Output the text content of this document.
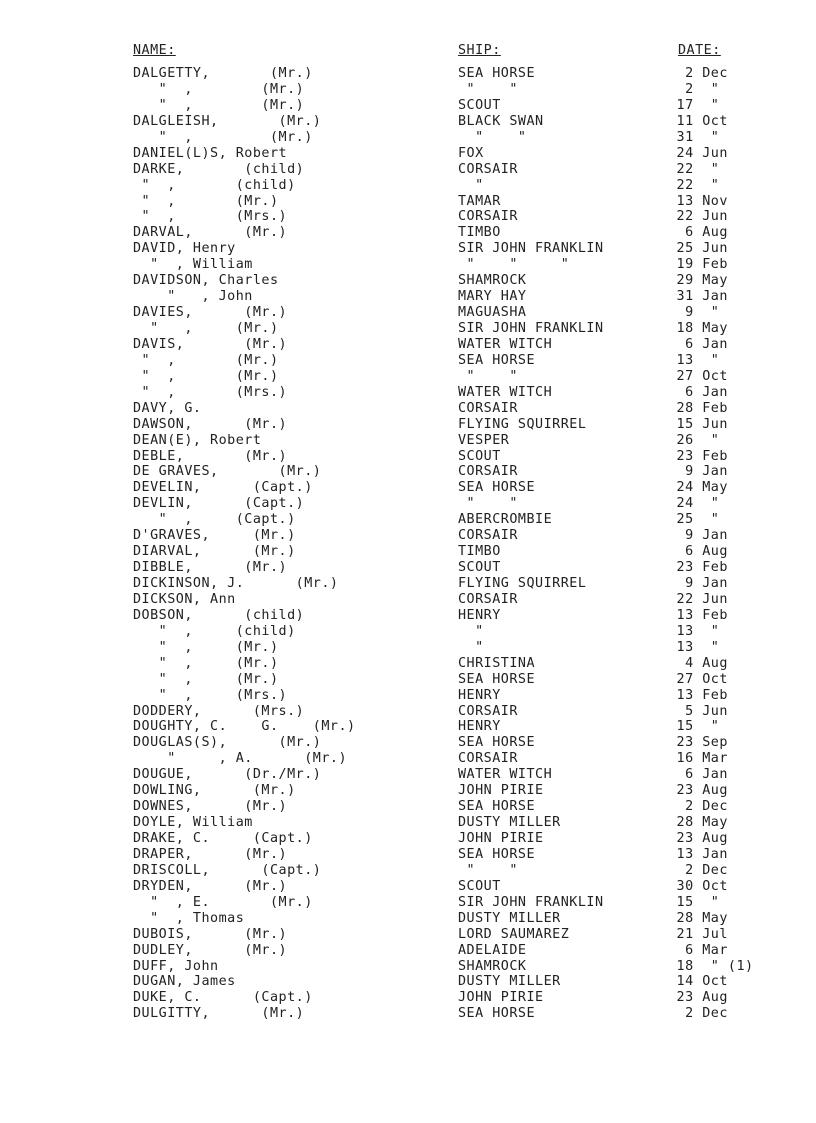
NAME:	SHIP:	DATE:
DALGETTY,       (Mr.)	SEA HORSE	2 Dec
"  ,        (Mr.)	"    "	2  "
"  ,        (Mr.)	SCOUT	17  "
DALGLEISH,       (Mr.)	BLACK SWAN	11 Oct
"  ,         (Mr.)	"    "	31  "
DANIEL(L)S, Robert	FOX	24 Jun
DARKE,       (child)	CORSAIR	22  "
"  ,       (child)	"	22  "
"  ,       (Mr.)	TAMAR	13 Nov
"  ,       (Mrs.)	CORSAIR	22 Jun
DARVAL,      (Mr.)	TIMBO	6 Aug
DAVID, Henry	SIR JOHN FRANKLIN	25 Jun
"  , William	"    "     "	19 Feb
DAVIDSON, Charles	SHAMROCK	29 May
"   , John	MARY HAY	31 Jan
DAVIES,      (Mr.)	MAGUASHA	9  "
"   ,     (Mr.)	SIR JOHN FRANKLIN	18 May
DAVIS,       (Mr.)	WATER WITCH	6 Jan
"  ,       (Mr.)	SEA HORSE	13  "
"  ,       (Mr.)	"    "	27 Oct
"  ,       (Mrs.)	WATER WITCH	6 Jan
DAVY, G.	CORSAIR	28 Feb
DAWSON,      (Mr.)	FLYING SQUIRREL	15 Jun
DEAN(E), Robert	VESPER	26  "
DEBLE,       (Mr.)	SCOUT	23 Feb
DE GRAVES,       (Mr.)	CORSAIR	9 Jan
DEVELIN,      (Capt.)	SEA HORSE	24 May
DEVLIN,      (Capt.)	"    "	24  "
"  ,     (Capt.)	ABERCROMBIE	25  "
D'GRAVES,     (Mr.)	CORSAIR	9 Jan
DIARVAL,      (Mr.)	TIMBO	6 Aug
DIBBLE,      (Mr.)	SCOUT	23 Feb
DICKINSON, J.      (Mr.)	FLYING SQUIRREL	9 Jan
DICKSON, Ann	CORSAIR	22 Jun
DOBSON,      (child)	HENRY	13 Feb
"  ,     (child)	"	13  "
"  ,     (Mr.)	"	13  "
"  ,     (Mr.)	CHRISTINA	4 Aug
"  ,     (Mr.)	SEA HORSE	27 Oct
"  ,     (Mrs.)	HENRY	13 Feb
DODDERY,      (Mrs.)	CORSAIR	5 Jun
DOUGHTY, C.    G.    (Mr.)	HENRY	15  "
DOUGLAS(S),      (Mr.)	SEA HORSE	23 Sep
"     , A.      (Mr.)	CORSAIR	16 Mar
DOUGUE,      (Dr./Mr.)	WATER WITCH	6 Jan
DOWLING,      (Mr.)	JOHN PIRIE	23 Aug
DOWNES,      (Mr.)	SEA HORSE	2 Dec
DOYLE, William	DUSTY MILLER	28 May
DRAKE, C.     (Capt.)	JOHN PIRIE	23 Aug
DRAPER,      (Mr.)	SEA HORSE	13 Jan
DRISCOLL,      (Capt.)	"    "	2 Dec
DRYDEN,      (Mr.)	SCOUT	30 Oct
"  , E.       (Mr.)	SIR JOHN FRANKLIN	15  "
"  , Thomas	DUSTY MILLER	28 May
DUBOIS,      (Mr.)	LORD SAUMAREZ	21 Jul
DUDLEY,      (Mr.)	ADELAIDE	6 Mar
DUFF, John	SHAMROCK	18  " (1)
DUGAN, James	DUSTY MILLER	14 Oct
DUKE, C.      (Capt.)	JOHN PIRIE	23 Aug
DULGITTY,      (Mr.)	SEA HORSE	2 Dec
